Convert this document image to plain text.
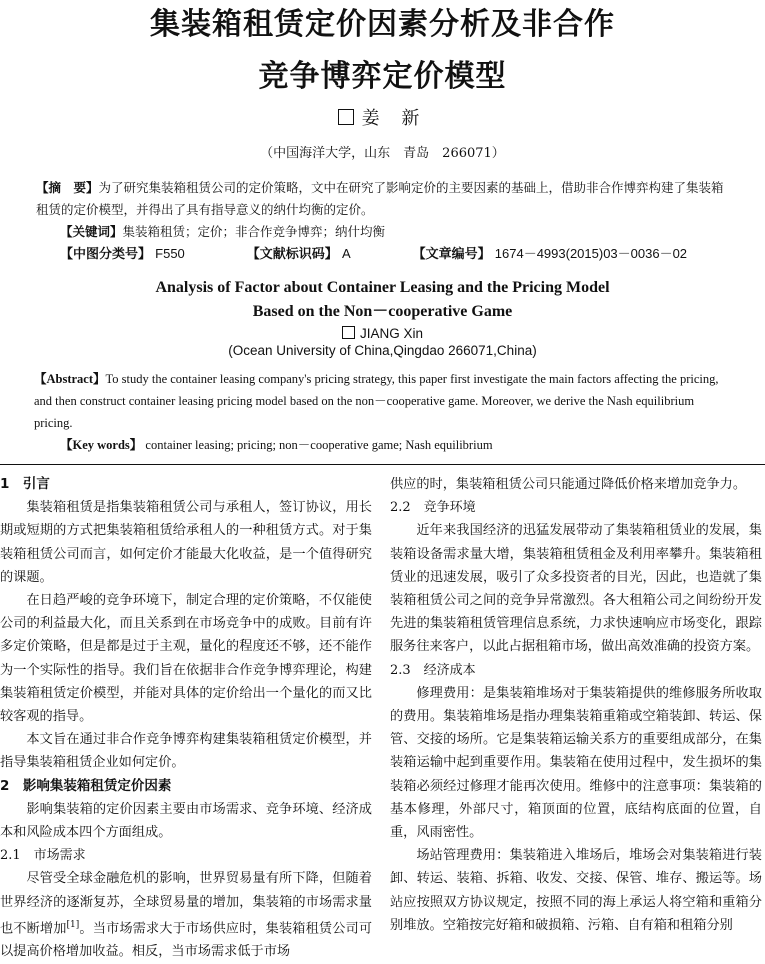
集装箱租赁定价因素分析及非合作
竞争博弈定价模型
姜 新
（中国海洋大学，山东　青岛　266071）
【摘　要】为了研究集装箱租赁公司的定价策略，文中在研究了影响定价的主要因素的基础上，借助非合作博弈构建了集装箱租赁的定价模型，并得出了具有指导意义的纳什均衡的定价。
【关键词】集装箱租赁；定价；非合作竞争博弈；纳什均衡
【中图分类号】 F550	【文献标识码】 A	【文章编号】 1674－4993(2015)03－0036－02
Analysis of Factor about Container Leasing and the Pricing Model
Based on the Non－cooperative Game
JIANG Xin
(Ocean University of China,Qingdao 266071,China)
【Abstract】To study the container leasing company's pricing strategy, this paper first investigate the main factors affecting the pricing, and then construct container leasing pricing model based on the non－cooperative game. Moreover, we derive the Nash equilibrium pricing.
【Key words】 container leasing; pricing; non－cooperative game; Nash equilibrium
1　引言

集装箱租赁是指集装箱租赁公司与承租人，签订协议，用长期或短期的方式把集装箱租赁给承租人的一种租赁方式。对于集装箱租赁公司而言，如何定价才能最大化收益，是一个值得研究的课题。

在日趋严峻的竞争环境下，制定合理的定价策略，不仅能使公司的利益最大化，而且关系到在市场竞争中的成败。目前有许多定价策略，但是都是过于主观，量化的程度还不够，还不能作为一个实际性的指导。我们旨在依据非合作竞争博弈理论，构建集装箱租赁定价模型，并能对具体的定价给出一个量化的而又比较客观的指导。

本文旨在通过非合作竞争博弈构建集装箱租赁定价模型，并指导集装箱租赁企业如何定价。

2　影响集装箱租赁定价因素

影响集装箱的定价因素主要由市场需求、竞争环境、经济成本和风险成本四个方面组成。

2.1　市场需求

尽管受全球金融危机的影响，世界贸易量有所下降，但随着世界经济的逐渐复苏，全球贸易量的增加，集装箱的市场需求量也不断增加[1]。当市场需求大于市场供应时，集装箱租赁公司可以提高价格增加收益。相反，当市场需求低于市场

供应的时，集装箱租赁公司只能通过降低价格来增加竞争力。
2.2　竞争环境

近年来我国经济的迅猛发展带动了集装箱租赁业的发展，集装箱设备需求量大增，集装箱租赁租金及利用率攀升。集装箱租赁业的迅速发展，吸引了众多投资者的目光，因此，也造就了集装箱租赁公司之间的竞争异常激烈。各大租箱公司之间纷纷开发先进的集装箱租赁管理信息系统，力求快速响应市场变化，跟踪服务往来客户，以此占据租箱市场，做出高效准确的投资方案。

2.3　经济成本

修理费用：是集装箱堆场对于集装箱提供的维修服务所收取的费用。集装箱堆场是指办理集装箱重箱或空箱装卸、转运、保管、交接的场所。它是集装箱运输关系方的重要组成部分，在集装箱运输中起到重要作用。集装箱在使用过程中，发生损坏的集装箱必须经过修理才能再次使用。维修中的注意事项：集装箱的基本修理，外部尺寸，箱顶面的位置，底结构底面的位置，自重，风雨密性。

场站管理费用：集装箱进入堆场后，堆场会对集装箱进行装卸、转运、装箱、拆箱、收发、交接、保管、堆存、搬运等。场站应按照双方协议规定，按照不同的海上承运人将空箱和重箱分别堆放。空箱按完好箱和破损箱、污箱、自有箱和租箱分别
